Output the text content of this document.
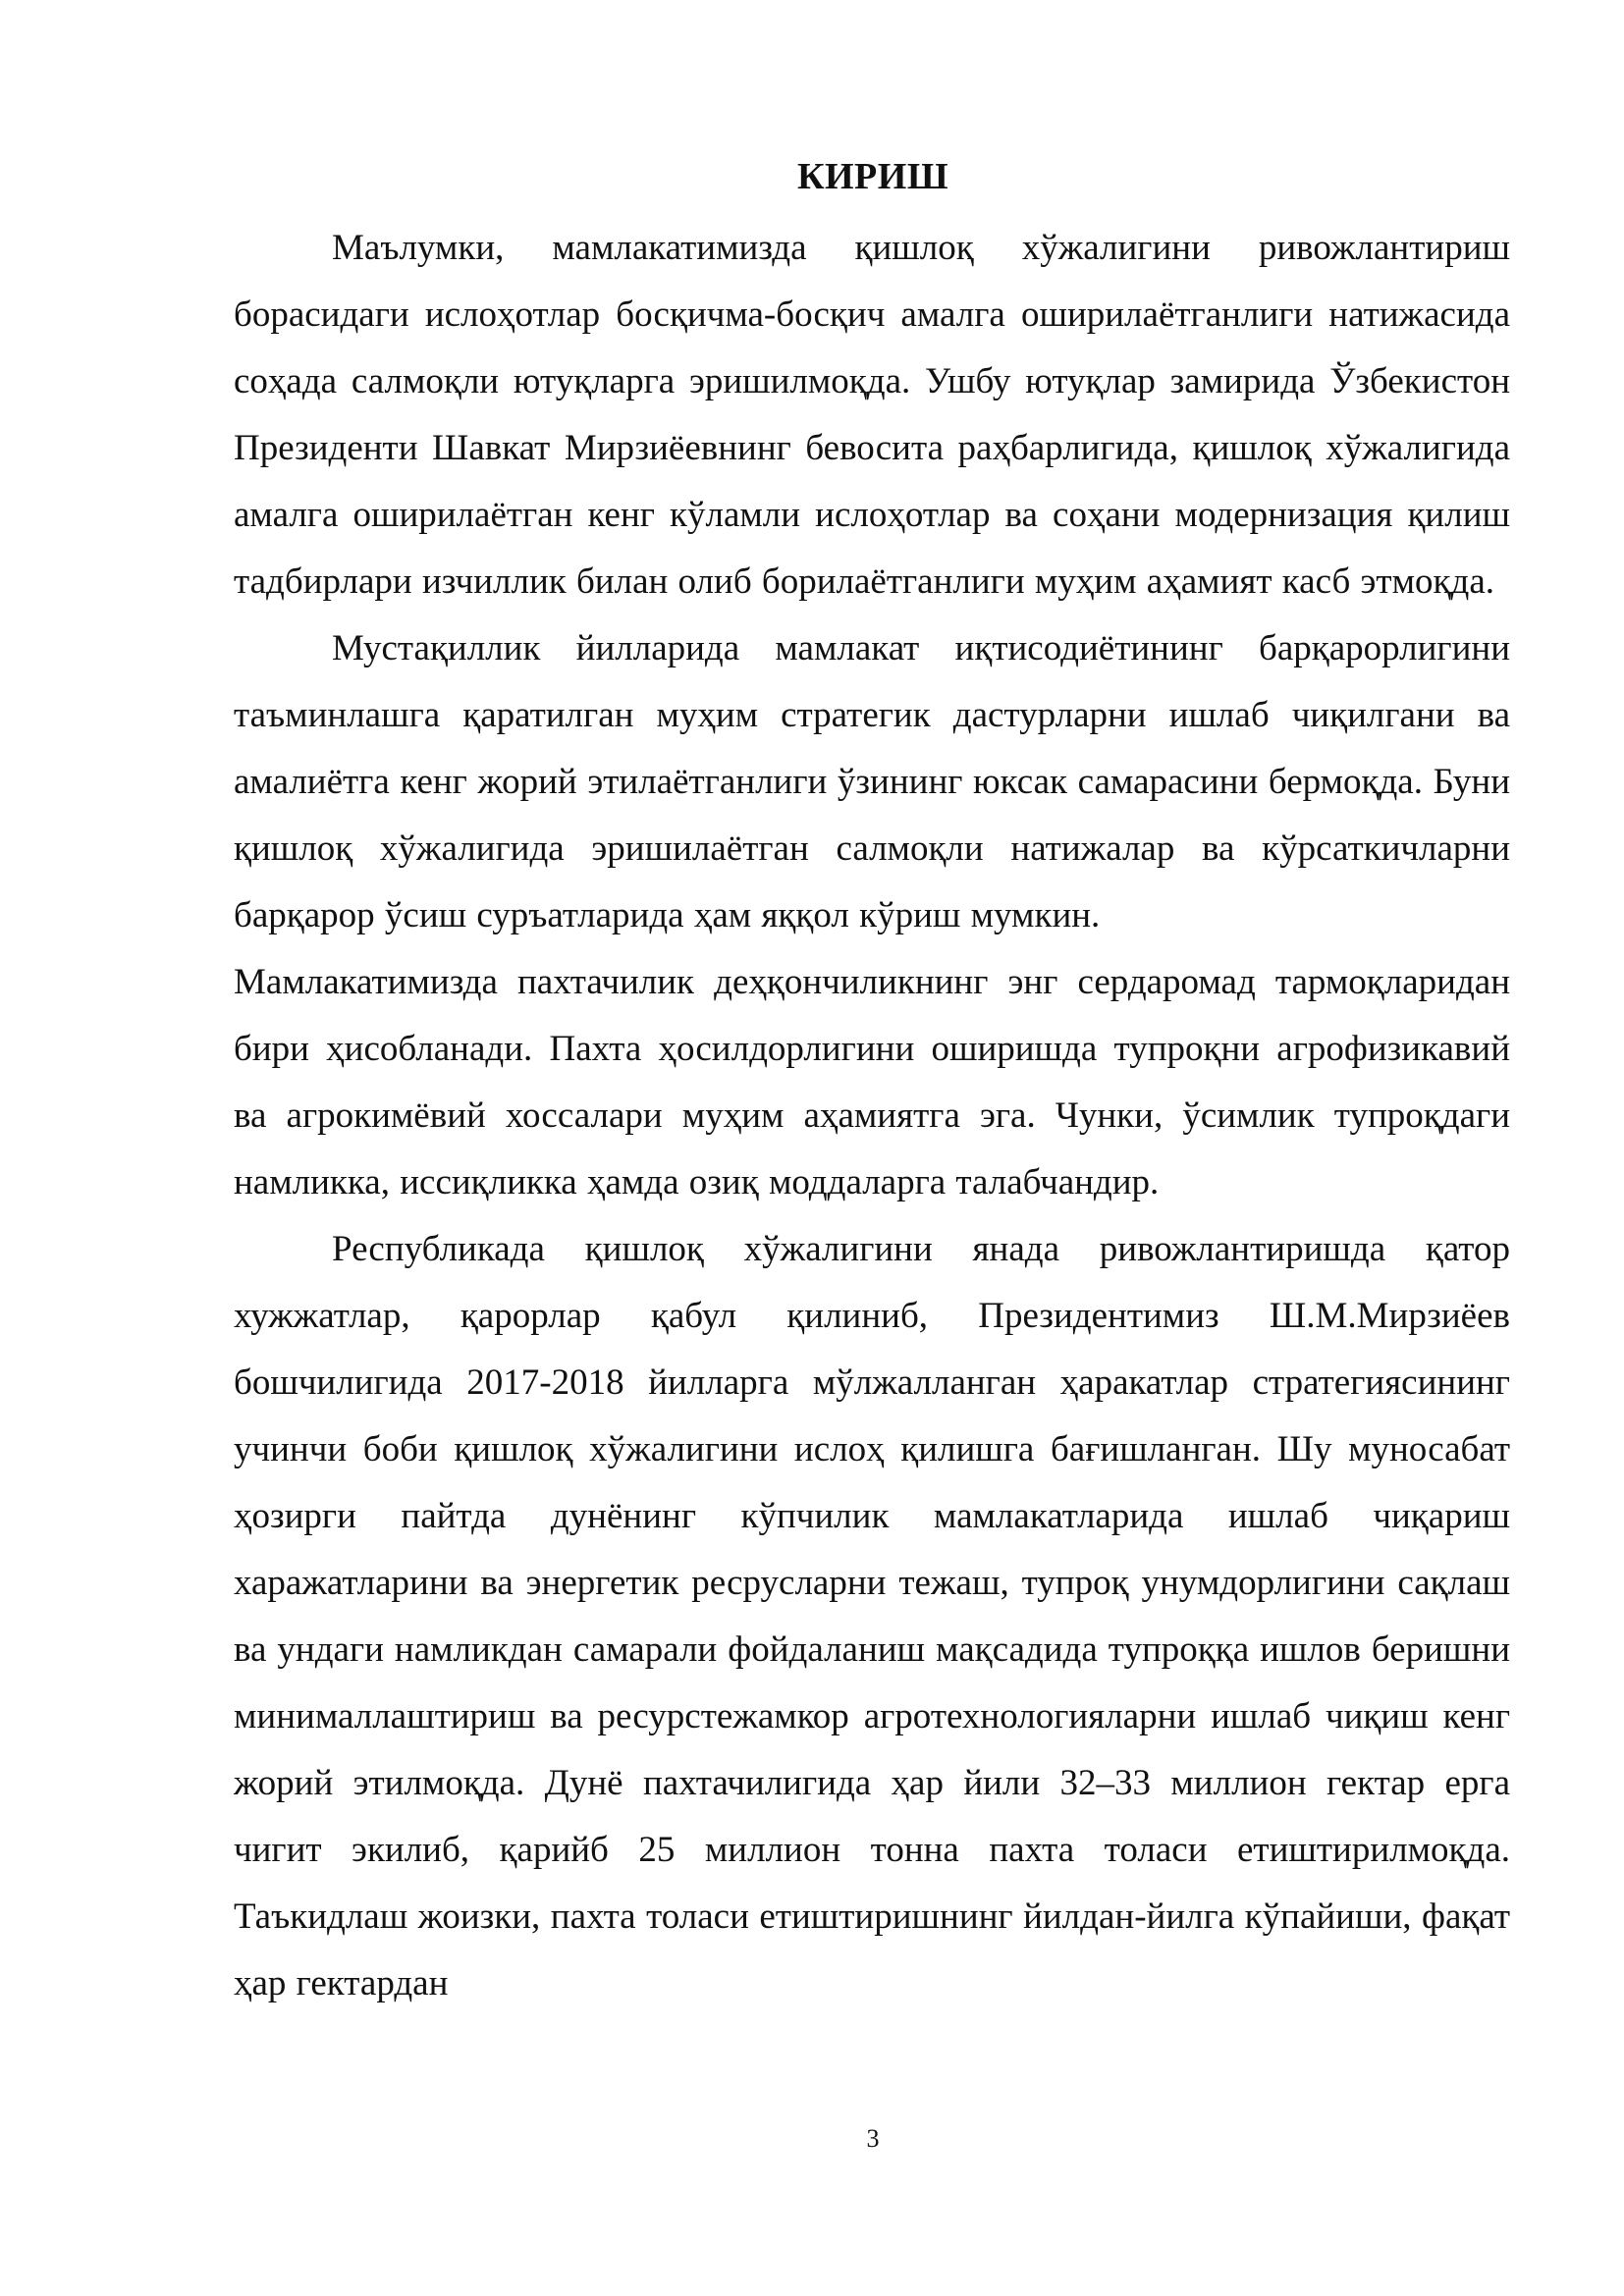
КИРИШ

Маълумки, мамлакатимизда қишлоқ хўжалигини ривожлантириш борасидаги ислоҳотлар босқичма-босқич амалга оширилаётганлиги натижасида соҳада салмоқли ютуқларга эришилмоқда. Ушбу ютуқлар замирида Ўзбекистон Президенти Шавкат Мирзиёевнинг бевосита раҳбарлигида, қишлоқ хўжалигида амалга оширилаётган кенг кўламли ислоҳотлар ва соҳани модернизация қилиш тадбирлари изчиллик билан олиб борилаётганлиги муҳим аҳамият касб этмоқда.

Мустақиллик йилларида мамлакат иқтисодиётининг барқарорлигини таъминлашга қаратилган муҳим стратегик дастурларни ишлаб чиқилгани ва амалиётга кенг жорий этилаётганлиги ўзининг юксак самарасини бермоқда. Буни қишлоқ хўжалигида эришилаётган салмоқли натижалар ва кўрсаткичларни барқарор ўсиш суръатларида ҳам яққол кўриш мумкин.

Мамлакатимизда пахтачилик деҳқончиликнинг энг сердаромад тармоқларидан бири ҳисобланади. Пахта ҳосилдорлигини оширишда тупроқни агрофизикавий ва агрокимёвий хоссалари муҳим аҳамиятга эга. Чунки, ўсимлик тупроқдаги намликка, иссиқликка ҳамда озиқ моддаларга талабчандир.

Республикада қишлоқ хўжалигини янада ривожлантиришда қатор хужжатлар, қарорлар қабул қилиниб, Президентимиз Ш.М.Мирзиёев бошчилигида 2017-2018 йилларга мўлжалланган ҳаракатлар стратегиясининг учинчи боби қишлоқ хўжалигини ислоҳ қилишга бағишланган. Шу муносабат ҳозирги пайтда дунёнинг кўпчилик мамлакатларида ишлаб чиқариш харажатларини ва энергетик ресрусларни тежаш, тупроқ унумдорлигини сақлаш ва ундаги намликдан самарали фойдаланиш мақсадида тупроққа ишлов беришни минималлаштириш ва ресурстежамкор агротехнологияларни ишлаб чиқиш кенг жорий этилмоқда. Дунё пахтачилигида ҳар йили 32–33 миллион гектар ерга чигит экилиб, қарийб 25 миллион тонна пахта толаси етиштирилмоқда. Таъкидлаш жоизки, пахта толаси етиштиришнинг йилдан-йилга кўпайиши, фақат ҳар гектардан

3
